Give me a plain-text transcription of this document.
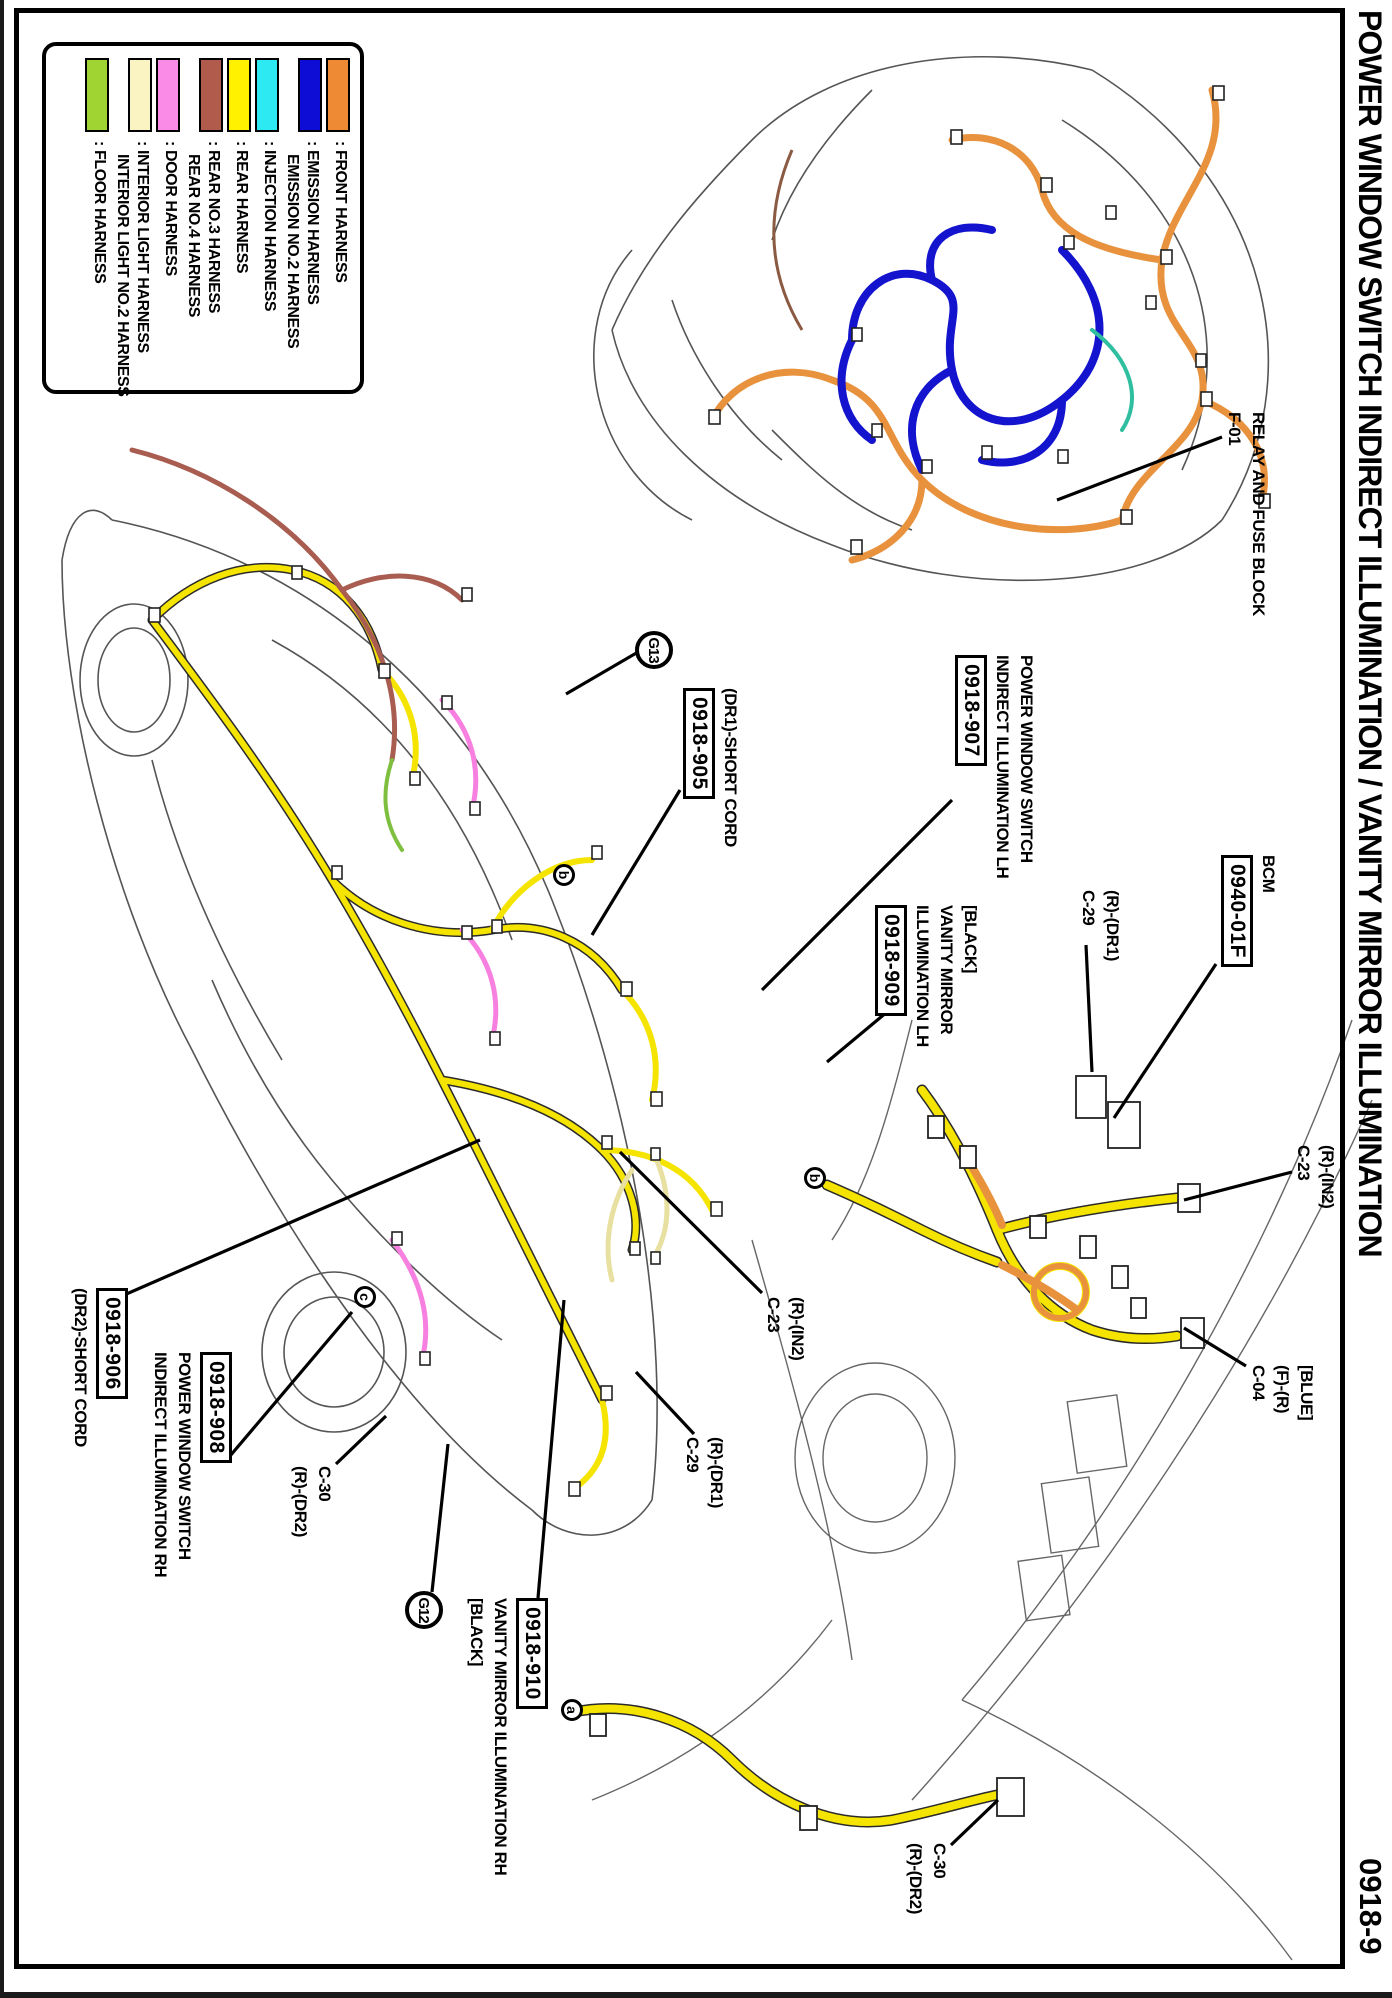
POWER WINDOW SWITCH INDIRECT ILLUMINATION / VANITY MIRROR ILLUMINATION
0918-9
: FRONT HARNESS
: EMISSION HARNESS
EMISSION NO.2 HARNESS
: INJECTION HARNESS
: REAR HARNESS
: REAR NO.3 HARNESS
REAR NO.4 HARNESS
: DOOR HARNESS
: INTERIOR LIGHT HARNESS
INTERIOR LIGHT NO.2 HARNESS
: FLOOR HARNESS
RELAY AND FUSE BLOCK
F-01
(DR1)-SHORT CORD
0918-905	POWER WINDOW SWITCH
INDIRECT ILLUMINATION LH
0918-907
[BLACK]
VANITY MIRROR
ILLUMINATION LH
0918-909
BCM
0940-01F
(R)-(DR1)
C-29
(R)-(IN2)
C-23
(R)-(DR1)
C-29
C-30
(R)-(DR2)
0918-906
(DR2)-SHORT CORD	0918-908
POWER WINDOW SWITCH
INDIRECT ILLUMINATION RH
0918-910
VANITY MIRROR ILLUMINATION RH
[BLACK]
(R)-(IN2)
C-23
[BLUE]
(F)-(R)
C-04
C-30
(R)-(DR2)
G13
G12
c
b
b
a
